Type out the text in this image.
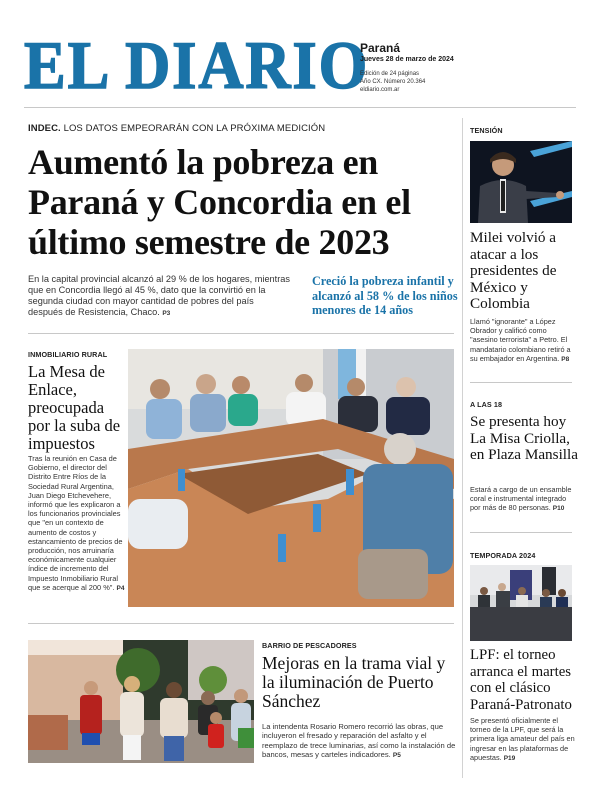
EL DIARIO
Paraná
Jueves 28 de marzo de 2024
Edición de 24 páginas
Año CX. Número 20.364
eldiario.com.ar
INDEC. LOS DATOS EMPEORARÁN CON LA PRÓXIMA MEDICIÓN
Aumentó la pobreza en Paraná y Concordia en el último semestre de 2023
En la capital provincial alcanzó al 29 % de los hogares, mientras que en Concordia llegó al 45 %, dato que la convirtió en la segunda ciudad con mayor cantidad de pobres del país después de Resistencia, Chaco. P3
Creció la pobreza infantil y alcanzó al 58 % de los niños menores de 14 años
INMOBILIARIO RURAL
La Mesa de Enlace, preocupada por la suba de impuestos
Tras la reunión en Casa de Gobierno, el director del Distrito Entre Ríos de la Sociedad Rural Argentina, Juan Diego Etchevehere, informó que les explicaron a los funcionarios provinciales que "en un contexto de aumento de costos y estancamiento de precios de producción, nos arruinaría económicamente cualquier índice de incremento del Impuesto Inmobiliario Rural que se acerque al 200 %". P4
BARRIO DE PESCADORES
Mejoras en la trama vial y la iluminación de Puerto Sánchez
La intendenta Rosario Romero recorrió las obras, que incluyeron el fresado y reparación del asfalto y el reemplazo de trece luminarias, así como la instalación de bancos, mesas y carteles indicadores. P5
TENSIÓN
Milei volvió a atacar a los presidentes de México y Colombia
Llamó "ignorante" a López Obrador y calificó como "asesino terrorista" a Petro. El mandatario colombiano retiró a su embajador en Argentina. P8
A LAS 18
Se presenta hoy La Misa Criolla, en Plaza Mansilla
Estará a cargo de un ensamble coral e instrumental integrado por más de 80 personas. P10
TEMPORADA 2024
LPF: el torneo arranca el martes con el clásico Paraná-Patronato
Se presentó oficialmente el torneo de la LPF, que será la primera liga amateur del país en ingresar en las plataformas de apuestas. P19
